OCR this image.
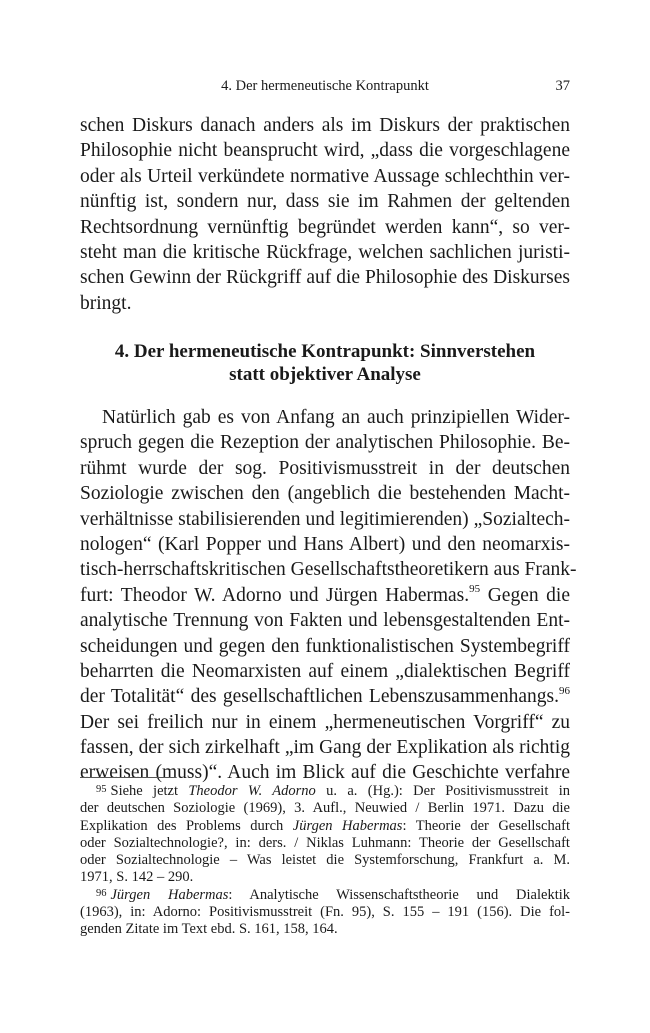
4. Der hermeneutische Kontrapunkt	37
schen Diskurs danach anders als im Diskurs der praktischen
Philosophie nicht beansprucht wird, „dass die vorgeschlagene
oder als Urteil verkündete normative Aussage schlechthin ver-
nünftig ist, sondern nur, dass sie im Rahmen der geltenden
Rechtsordnung vernünftig begründet werden kann“, so ver-
steht man die kritische Rückfrage, welchen sachlichen juristi-
schen Gewinn der Rückgriff auf die Philosophie des Diskurses
bringt.
4. Der hermeneutische Kontrapunkt: Sinnverstehen
statt objektiver Analyse
Natürlich gab es von Anfang an auch prinzipiellen Wider-
spruch gegen die Rezeption der analytischen Philosophie. Be-
rühmt wurde der sog. Positivismusstreit in der deutschen
Soziologie zwischen den (angeblich die bestehenden Macht-
verhältnisse stabilisierenden und legitimierenden) „Sozialtech-
nologen“ (Karl Popper und Hans Albert) und den neomarxis-
tisch-herrschaftskritischen Gesellschaftstheoretikern aus Frank-
furt: Theodor W. Adorno und Jürgen Habermas.$^{95}$ Gegen die
analytische Trennung von Fakten und lebensgestaltenden Ent-
scheidungen und gegen den funktionalistischen Systembegriff
beharrten die Neomarxisten auf einem „dialektischen Begriff
der Totalität“ des gesellschaftlichen Lebenszusammenhangs.$^{96}$
Der sei freilich nur in einem „hermeneutischen Vorgriff“ zu
fassen, der sich zirkelhaft „im Gang der Explikation als richtig
erweisen (muss)“. Auch im Blick auf die Geschichte verfahre
$^{95}$ Siehe jetzt Theodor W. Adorno u. a. (Hg.): Der Positivismusstreit in
der deutschen Soziologie (1969), 3. Aufl., Neuwied / Berlin 1971. Dazu die
Explikation des Problems durch Jürgen Habermas: Theorie der Gesellschaft
oder Sozialtechnologie?, in: ders. / Niklas Luhmann: Theorie der Gesellschaft
oder Sozialtechnologie – Was leistet die Systemforschung, Frankfurt a. M.
1971, S. 142 – 290.
$^{96}$ Jürgen Habermas: Analytische Wissenschaftstheorie und Dialektik
(1963), in: Adorno: Positivismusstreit (Fn. 95), S. 155 – 191 (156). Die fol-
genden Zitate im Text ebd. S. 161, 158, 164.
